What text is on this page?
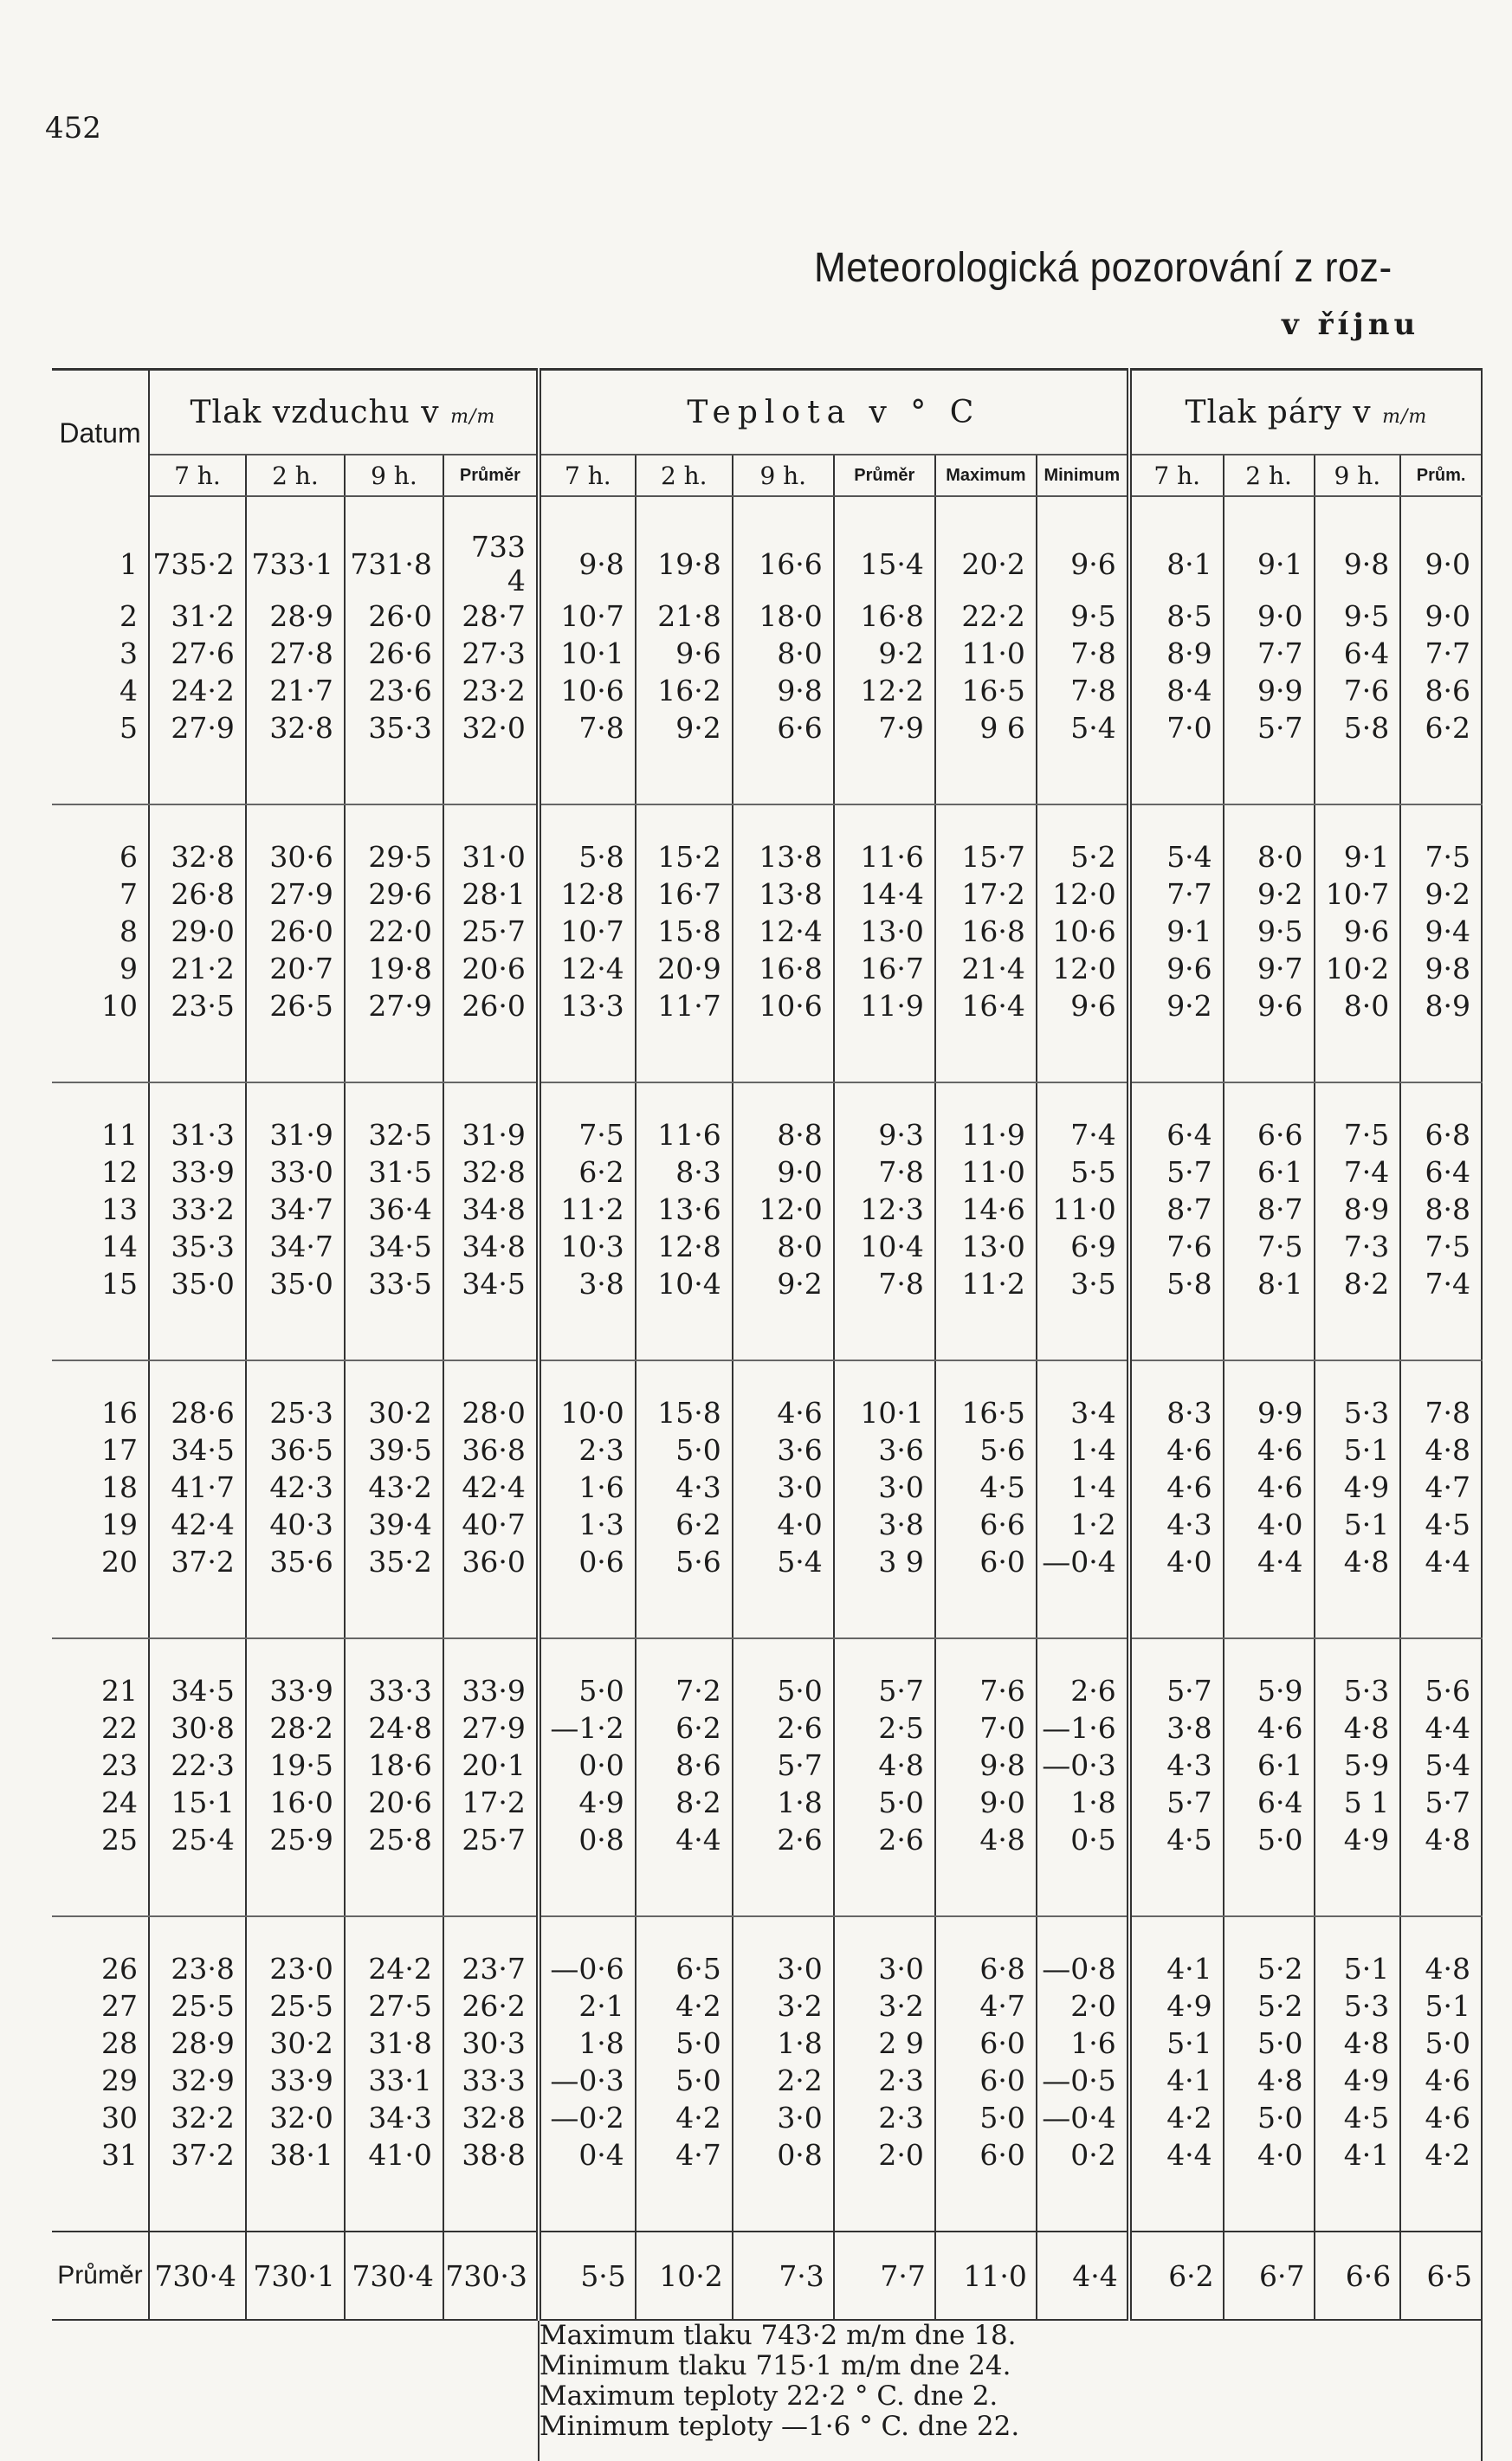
452
Meteorologická pozorování z roz-
v říjnu
Datum	Tlak vzduchu v m/m				Teplota v ° C						Tlak páry v m/m			
	7 h.	2 h.	9 h.	Průměr	7 h.	2 h.	9 h.	Průměr	Maximum	Minimum	7 h.	2 h.	9 h.	Prům.

1	735·2	733·1	731·8	733 4	9·8	19·8	16·6	15·4	20·2	9·6	8·1	9·1	9·8	9·0
2	31·2	28·9	26·0	28·7	10·7	21·8	18·0	16·8	22·2	9·5	8·5	9·0	9·5	9·0
3	27·6	27·8	26·6	27·3	10·1	9·6	8·0	9·2	11·0	7·8	8·9	7·7	6·4	7·7
4	24·2	21·7	23·6	23·2	10·6	16·2	9·8	12·2	16·5	7·8	8·4	9·9	7·6	8·6
5	27·9	32·8	35·3	32·0	7·8	9·2	6·6	7·9	9 6	5·4	7·0	5·7	5·8	6·2

6	32·8	30·6	29·5	31·0	5·8	15·2	13·8	11·6	15·7	5·2	5·4	8·0	9·1	7·5
7	26·8	27·9	29·6	28·1	12·8	16·7	13·8	14·4	17·2	12·0	7·7	9·2	10·7	9·2
8	29·0	26·0	22·0	25·7	10·7	15·8	12·4	13·0	16·8	10·6	9·1	9·5	9·6	9·4
9	21·2	20·7	19·8	20·6	12·4	20·9	16·8	16·7	21·4	12·0	9·6	9·7	10·2	9·8
10	23·5	26·5	27·9	26·0	13·3	11·7	10·6	11·9	16·4	9·6	9·2	9·6	8·0	8·9

11	31·3	31·9	32·5	31·9	7·5	11·6	8·8	9·3	11·9	7·4	6·4	6·6	7·5	6·8
12	33·9	33·0	31·5	32·8	6·2	8·3	9·0	7·8	11·0	5·5	5·7	6·1	7·4	6·4
13	33·2	34·7	36·4	34·8	11·2	13·6	12·0	12·3	14·6	11·0	8·7	8·7	8·9	8·8
14	35·3	34·7	34·5	34·8	10·3	12·8	8·0	10·4	13·0	6·9	7·6	7·5	7·3	7·5
15	35·0	35·0	33·5	34·5	3·8	10·4	9·2	7·8	11·2	3·5	5·8	8·1	8·2	7·4

16	28·6	25·3	30·2	28·0	10·0	15·8	4·6	10·1	16·5	3·4	8·3	9·9	5·3	7·8
17	34·5	36·5	39·5	36·8	2·3	5·0	3·6	3·6	5·6	1·4	4·6	4·6	5·1	4·8
18	41·7	42·3	43·2	42·4	1·6	4·3	3·0	3·0	4·5	1·4	4·6	4·6	4·9	4·7
19	42·4	40·3	39·4	40·7	1·3	6·2	4·0	3·8	6·6	1·2	4·3	4·0	5·1	4·5
20	37·2	35·6	35·2	36·0	0·6	5·6	5·4	3 9	6·0	—0·4	4·0	4·4	4·8	4·4

21	34·5	33·9	33·3	33·9	5·0	7·2	5·0	5·7	7·6	2·6	5·7	5·9	5·3	5·6
22	30·8	28·2	24·8	27·9	—1·2	6·2	2·6	2·5	7·0	—1·6	3·8	4·6	4·8	4·4
23	22·3	19·5	18·6	20·1	0·0	8·6	5·7	4·8	9·8	—0·3	4·3	6·1	5·9	5·4
24	15·1	16·0	20·6	17·2	4·9	8·2	1·8	5·0	9·0	1·8	5·7	6·4	5 1	5·7
25	25·4	25·9	25·8	25·7	0·8	4·4	2·6	2·6	4·8	0·5	4·5	5·0	4·9	4·8

26	23·8	23·0	24·2	23·7	—0·6	6·5	3·0	3·0	6·8	—0·8	4·1	5·2	5·1	4·8
27	25·5	25·5	27·5	26·2	2·1	4·2	3·2	3·2	4·7	2·0	4·9	5·2	5·3	5·1
28	28·9	30·2	31·8	30·3	1·8	5·0	1·8	2 9	6·0	1·6	5·1	5·0	4·8	5·0
29	32·9	33·9	33·1	33·3	—0·3	5·0	2·2	2·3	6·0	—0·5	4·1	4·8	4·9	4·6
30	32·2	32·0	34·3	32·8	—0·2	4·2	3·0	2·3	5·0	—0·4	4·2	5·0	4·5	4·6
31	37·2	38·1	41·0	38·8	0·4	4·7	0·8	2·0	6·0	0·2	4·4	4·0	4·1	4·2

Průměr	730·4	730·1	730·4	730·3	5·5	10·2	7·3	7·7	11·0	4·4	6·2	6·7	6·6	6·5

					Maximum tlaku 743·2 m/m dne 18.
Minimum tlaku 715·1 m/m dne 24.
Maximum teploty 22·2 ° C. dne 2.
Minimum teploty —1·6 ° C. dne 22.									
